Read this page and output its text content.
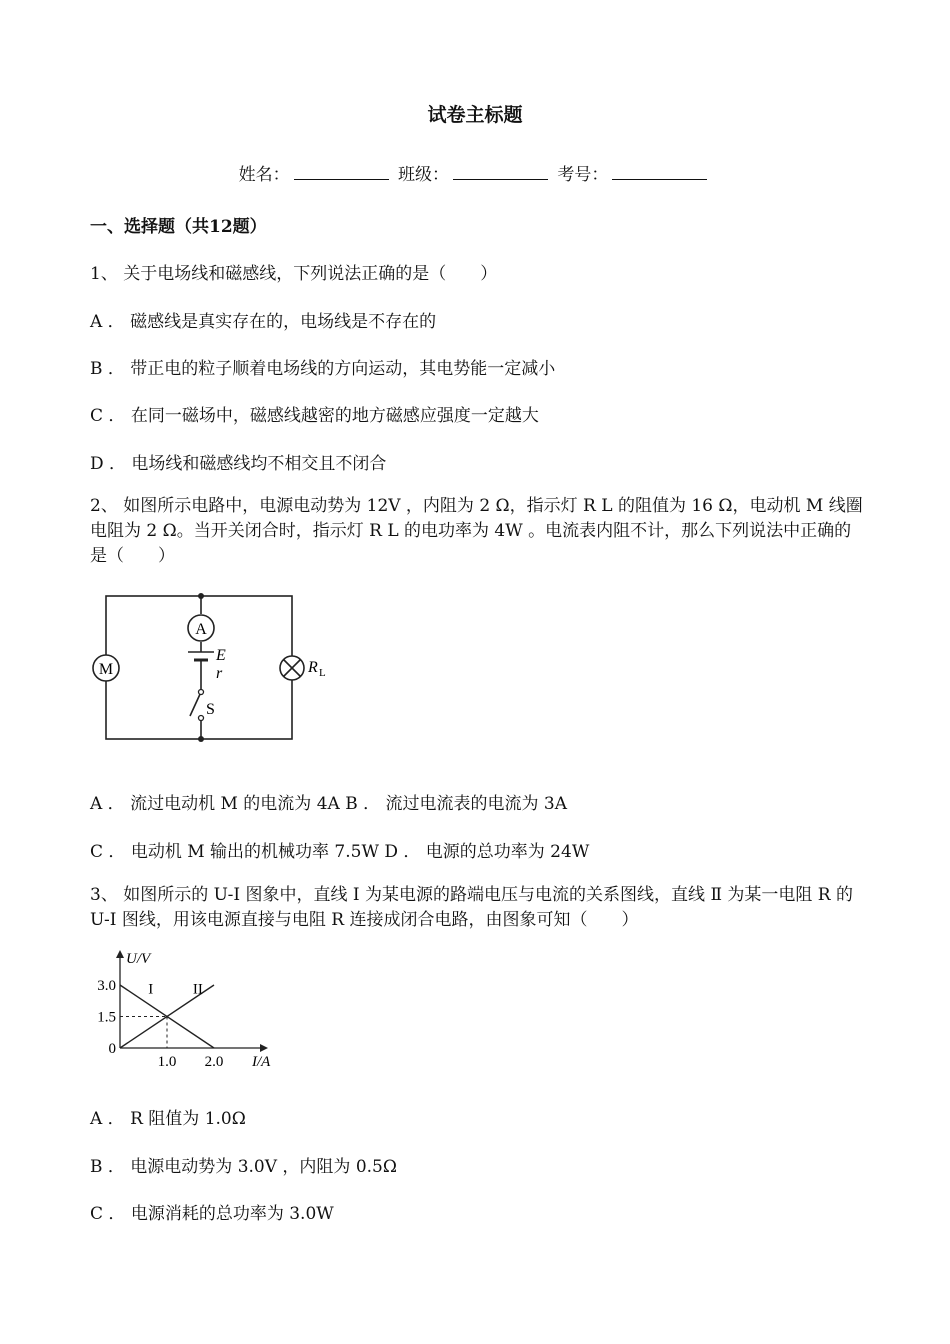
试卷主标题
姓名：	班级：	考号：
一、选择题（共12题）
1、 关于电场线和磁感线，下列说法正确的是（　　）
A ． 磁感线是真实存在的，电场线是不存在的
B ． 带正电的粒子顺着电场线的方向运动，其电势能一定减小
C ． 在同一磁场中，磁感线越密的地方磁感应强度一定越大
D ． 电场线和磁感线均不相交且不闭合
2、 如图所示电路中，电源电动势为 12V ，内阻为 2 Ω，指示灯 R L 的阻值为 16 Ω，电动机 M 线圈电阻为 2 Ω。当开关闭合时，指示灯 R L 的电功率为 4W 。电流表内阻不计，那么下列说法中正确的是（　　）
A
E
r
S
M	R L
A ． 流过电动机 M 的电流为 4A B ． 流过电流表的电流为 3A
C ． 电动机 M 输出的机械功率 7.5W D ． 电源的总功率为 24W
3、 如图所示的 U-I 图象中，直线 Ⅰ 为某电源的路端电压与电流的关系图线，直线 Ⅱ 为某一电阻 R 的 U-I 图线，用该电源直接与电阻 R 连接成闭合电路，由图象可知（　　）
I	II
0
1.5
3.0
1.0 2.0
U/V
I/A
A ． R 阻值为 1.0Ω
B ． 电源电动势为 3.0V ，内阻为 0.5Ω
C ． 电源消耗的总功率为 3.0W
